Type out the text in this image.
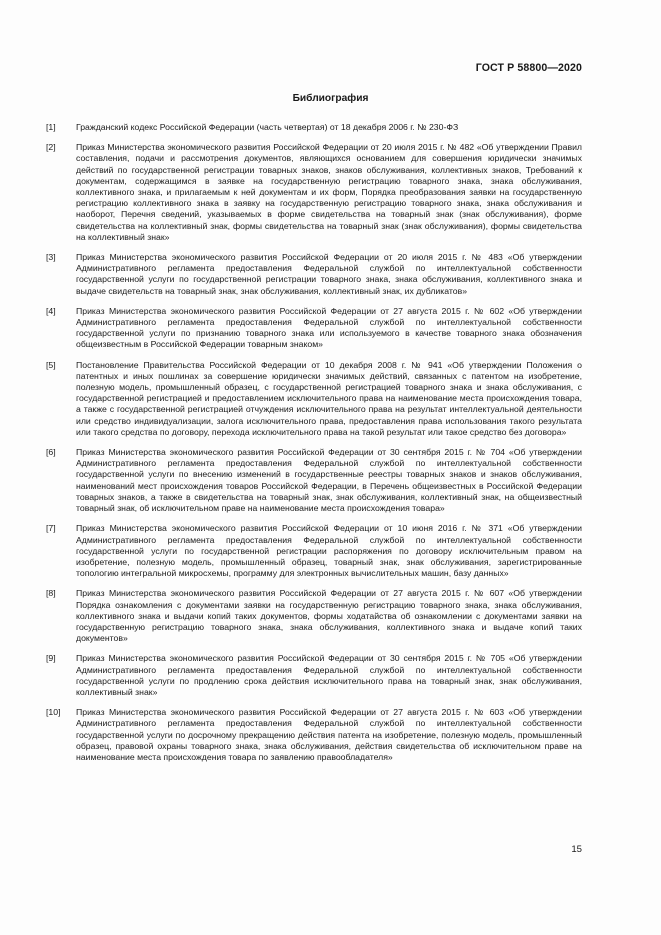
ГОСТ Р 58800—2020
Библиография
[1]	Гражданский кодекс Российской Федерации (часть четвертая) от 18 декабря 2006 г. № 230-ФЗ
[2]	Приказ Министерства экономического развития Российской Федерации от 20 июля 2015 г. № 482 «Об утверждении Правил составления, подачи и рассмотрения документов, являющихся основанием для совершения юридически значимых действий по государственной регистрации товарных знаков, знаков обслуживания, коллективных знаков, Требований к документам, содержащимся в заявке на государственную регистрацию товарного знака, знака обслуживания, коллективного знака, и прилагаемым к ней документам и их форм, Порядка преобразования заявки на государственную регистрацию коллективного знака в заявку на государственную регистрацию товарного знака, знака обслуживания и наоборот, Перечня сведений, указываемых в форме свидетельства на товарный знак (знак обслуживания), форме свидетельства на коллективный знак, формы свидетельства на товарный знак (знак обслуживания), формы свидетельства на коллективный знак»
[3]	Приказ Министерства экономического развития Российской Федерации от 20 июля 2015 г. № 483 «Об утверждении Административного регламента предоставления Федеральной службой по интеллектуальной собственности государственной услуги по государственной регистрации товарного знака, знака обслуживания, коллективного знака и выдаче свидетельств на товарный знак, знак обслуживания, коллективный знак, их дубликатов»
[4]	Приказ Министерства экономического развития Российской Федерации от 27 августа 2015 г. № 602 «Об утверждении Административного регламента предоставления Федеральной службой по интеллектуальной собственности государственной услуги по признанию товарного знака или используемого в качестве товарного знака обозначения общеизвестным в Российской Федерации товарным знаком»
[5]	Постановление Правительства Российской Федерации от 10 декабря 2008 г. № 941 «Об утверждении Положения о патентных и иных пошлинах за совершение юридически значимых действий, связанных с патентом на изобретение, полезную модель, промышленный образец, с государственной регистрацией товарного знака и знака обслуживания, с государственной регистрацией и предоставлением исключительного права на наименование места происхождения товара, а также с государственной регистрацией отчуждения исключительного права на результат интеллектуальной деятельности или средство индивидуализации, залога исключительного права, предоставления права использования такого результата или такого средства по договору, перехода исключительного права на такой результат или такое средство без договора»
[6]	Приказ Министерства экономического развития Российской Федерации от 30 сентября 2015 г. № 704 «Об утверждении Административного регламента предоставления Федеральной службой по интеллектуальной собственности государственной услуги по внесению изменений в государственные реестры товарных знаков и знаков обслуживания, наименований мест происхождения товаров Российской Федерации, в Перечень общеизвестных в Российской Федерации товарных знаков, а также в свидетельства на товарный знак, знак обслуживания, коллективный знак, на общеизвестный товарный знак, об исключительном праве на наименование места происхождения товара»
[7]	Приказ Министерства экономического развития Российской Федерации от 10 июня 2016 г. № 371 «Об утверждении Административного регламента предоставления Федеральной службой по интеллектуальной собственности государственной услуги по государственной регистрации распоряжения по договору исключительным правом на изобретение, полезную модель, промышленный образец, товарный знак, знак обслуживания, зарегистрированные топологию интегральной микросхемы, программу для электронных вычислительных машин, базу данных»
[8]	Приказ Министерства экономического развития Российской Федерации от 27 августа 2015 г. № 607 «Об утверждении Порядка ознакомления с документами заявки на государственную регистрацию товарного знака, знака обслуживания, коллективного знака и выдачи копий таких документов, формы ходатайства об ознакомлении с документами заявки на государственную регистрацию товарного знака, знака обслуживания, коллективного знака и выдаче копий таких документов»
[9]	Приказ Министерства экономического развития Российской Федерации от 30 сентября 2015 г. № 705 «Об утверждении Административного регламента предоставления Федеральной службой по интеллектуальной собственности государственной услуги по продлению срока действия исключительного права на товарный знак, знак обслуживания, коллективный знак»
[10]	Приказ Министерства экономического развития Российской Федерации от 27 августа 2015 г. № 603 «Об утверждении Административного регламента предоставления Федеральной службой по интеллектуальной собственности государственной услуги по досрочному прекращению действия патента на изобретение, полезную модель, промышленный образец, правовой охраны товарного знака, знака обслуживания, действия свидетельства об исключительном праве на наименование места происхождения товара по заявлению правообладателя»
15
